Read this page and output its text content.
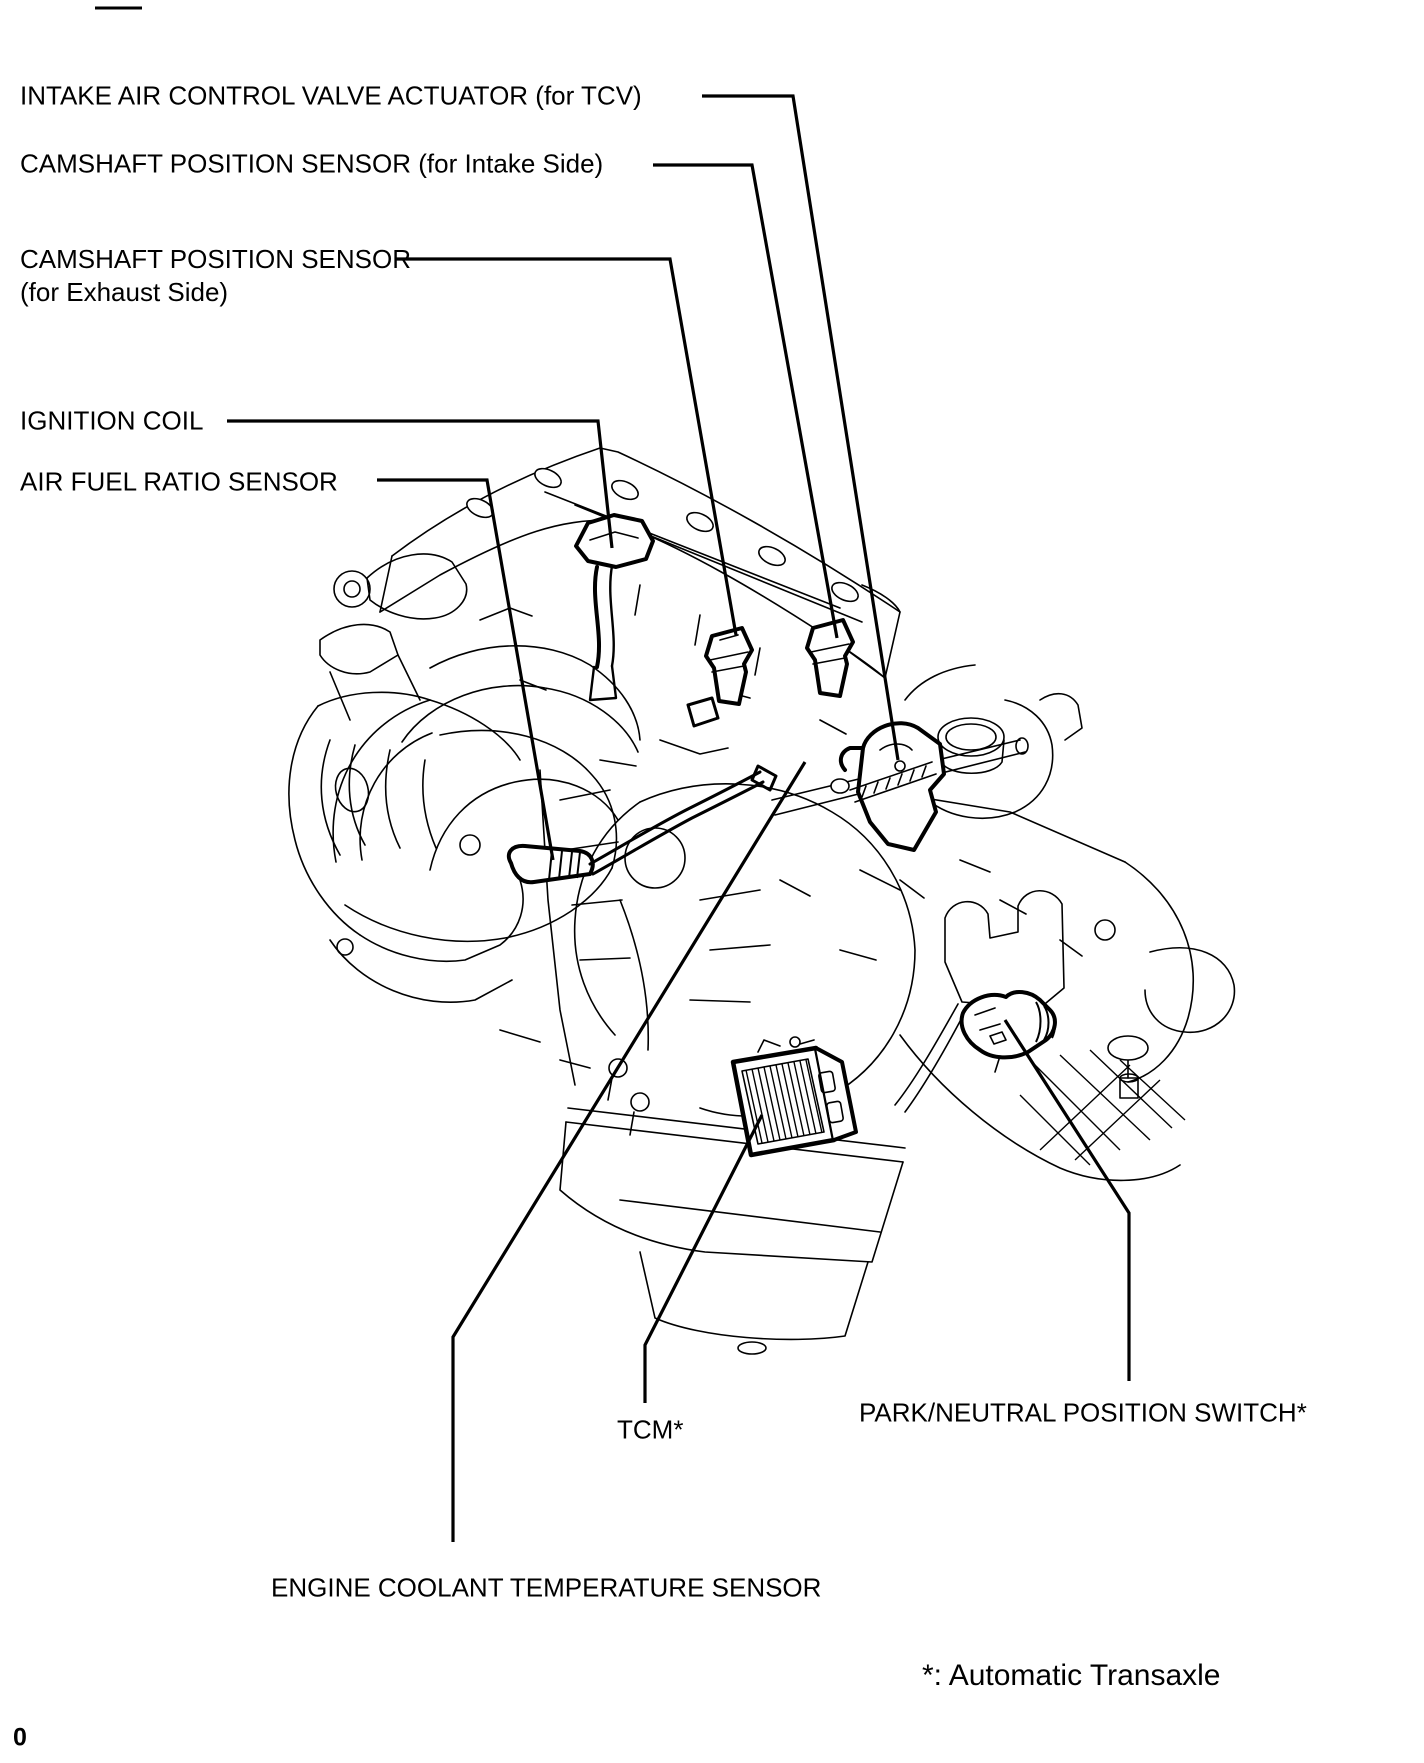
INTAKE AIR CONTROL VALVE ACTUATOR (for TCV)
CAMSHAFT POSITION SENSOR (for Intake Side)
CAMSHAFT POSITION SENSOR
(for Exhaust Side)
IGNITION COIL
AIR FUEL RATIO SENSOR
PARK/NEUTRAL POSITION SWITCH*
TCM*
ENGINE COOLANT TEMPERATURE SENSOR
*: Automatic Transaxle
0
